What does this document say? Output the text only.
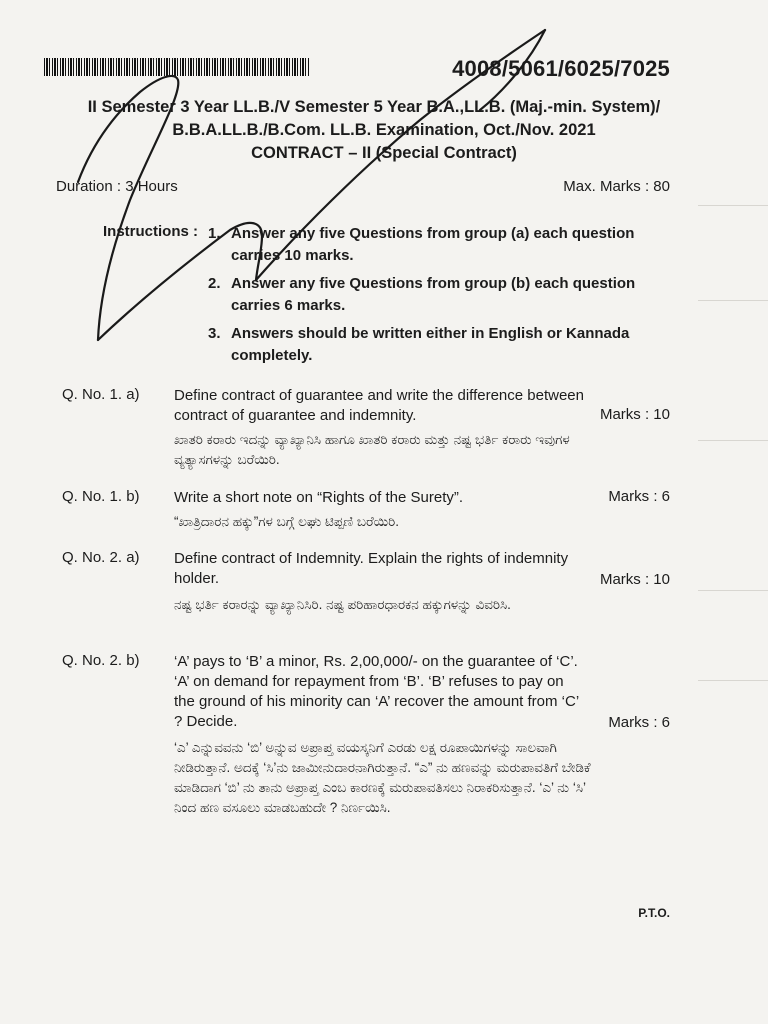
4008/5061/6025/7025
II Semester 3 Year LL.B./V Semester 5 Year B.A.,LL.B. (Maj.-min. System)/
B.B.A.LL.B./B.Com. LL.B. Examination, Oct./Nov. 2021
CONTRACT – II (Special Contract)
Duration : 3 Hours	Max. Marks : 80
Instructions : 1. Answer any five Questions from group (a) each question carries 10 marks.
2. Answer any five Questions from group (b) each question carries 6 marks.
3. Answers should be written either in English or Kannada completely.
Q. No. 1. a) Define contract of guarantee and write the difference between contract of guarantee and indemnity.	Marks : 10
ಖಾತರಿ ಕರಾರು ಇದನ್ನು ವ್ಯಾಖ್ಯಾನಿಸಿ ಹಾಗೂ ಖಾತರಿ ಕರಾರು ಮತ್ತು ನಷ್ಟ ಭರ್ತಿ ಕರಾರು ಇವುಗಳ ವ್ಯತ್ಯಾಸಗಳನ್ನು ಬರೆಯಿರಿ.
Q. No. 1. b) Write a short note on “Rights of the Surety”.	Marks : 6
“ಖಾತ್ರಿದಾರನ ಹಕ್ಕು”ಗಳ ಬಗ್ಗೆ ಲಘು ಟಿಪ್ಪಣಿ ಬರೆಯಿರಿ.
Q. No. 2. a) Define contract of Indemnity. Explain the rights of indemnity holder.	Marks : 10
ನಷ್ಟ ಭರ್ತಿ ಕರಾರನ್ನು ವ್ಯಾಖ್ಯಾನಿಸಿರಿ. ನಷ್ಟ ಪರಿಹಾರಧಾರಕನ ಹಕ್ಕುಗಳನ್ನು ವಿವರಿಸಿ.
Q. No. 2. b) ‘A’ pays to ‘B’ a minor, Rs. 2,00,000/- on the guarantee of ‘C’. ‘A’ on demand for repayment from ‘B’. ‘B’ refuses to pay on the ground of his minority can ‘A’ recover the amount from ‘C’ ? Decide.	Marks : 6
‘ಎ’ ಎನ್ನುವವನು ‘ಬಿ’ ಅನ್ನುವ ಅಪ್ರಾಪ್ತ ವಯಸ್ಕನಿಗೆ ಎರಡು ಲಕ್ಷ ರೂಪಾಯಿಗಳನ್ನು ಸಾಲವಾಗಿ ನೀಡಿರುತ್ತಾನೆ. ಅದಕ್ಕೆ ‘ಸಿ’ನು ಜಾಮೀನುದಾರನಾಗಿರುತ್ತಾನೆ. “ಎ” ನು ಹಣವನ್ನು ಮರುಪಾವತಿಗೆ ಬೇಡಿಕೆ ಮಾಡಿದಾಗ ‘ಬಿ’ ನು ತಾನು ಅಪ್ರಾಪ್ತ ಎಂಬ ಕಾರಣಕ್ಕೆ ಮರುಪಾವತಿಸಲು ನಿರಾಕರಿಸುತ್ತಾನೆ. ‘ಎ’ ನು ‘ಸಿ’ ನಿಂದ ಹಣ ವಸೂಲು ಮಾಡಬಹುದೇ ? ನಿರ್ಣಯಿಸಿ.
P.T.O.
